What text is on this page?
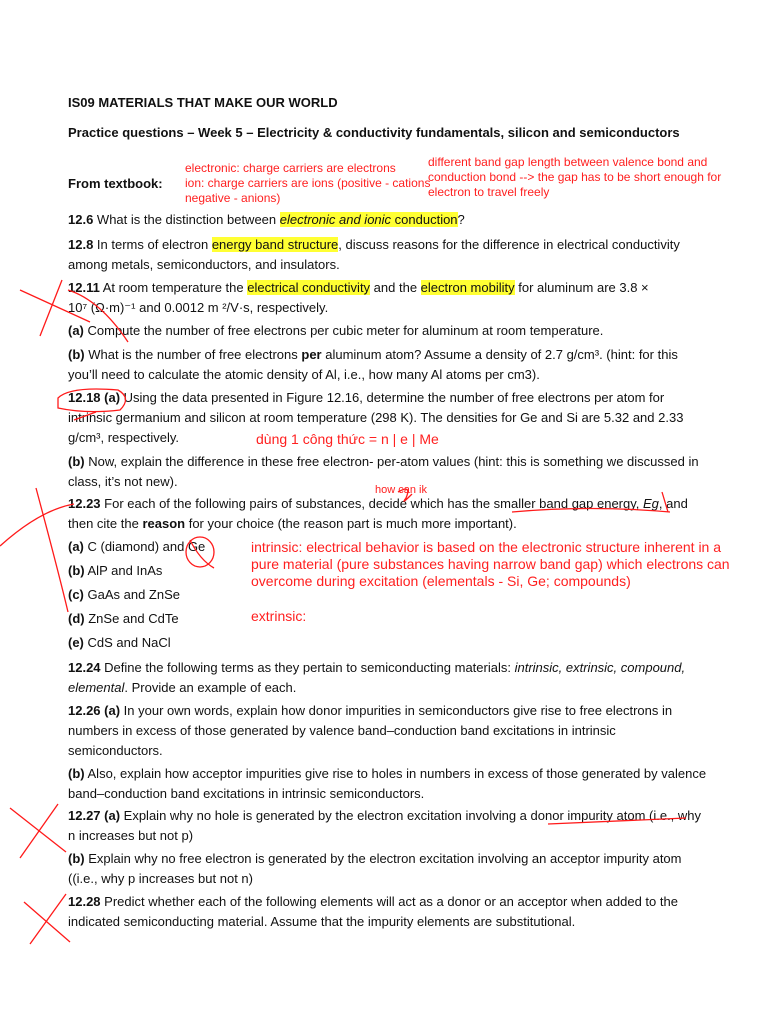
IS09 MATERIALS THAT MAKE OUR WORLD
Practice questions – Week 5 – Electricity & conductivity fundamentals, silicon and semiconductors
From textbook:
12.6 What is the distinction between electronic and ionic conduction?
12.8 In terms of electron energy band structure, discuss reasons for the difference in electrical conductivity among metals, semiconductors, and insulators.
12.11 At room temperature the electrical conductivity and the electron mobility for aluminum are 3.8 ×
10⁷ (Ω·m)⁻¹ and 0.0012 m ²/V·s, respectively.
(a) Compute the number of free electrons per cubic meter for aluminum at room temperature.
(b) What is the number of free electrons per aluminum atom? Assume a density of 2.7 g/cm³. (hint: for this you’ll need to calculate the atomic density of Al, i.e., how many Al atoms per cm3).
12.18 (a) Using the data presented in Figure 12.16, determine the number of free electrons per atom for intrinsic germanium and silicon at room temperature (298 K). The densities for Ge and Si are 5.32 and 2.33 g/cm³, respectively.
(b) Now, explain the difference in these free electron- per-atom values (hint: this is something we discussed in class, it’s not new).
12.23 For each of the following pairs of substances, decide which has the smaller band gap energy, Eg, and then cite the reason for your choice (the reason part is much more important).
(a) C (diamond) and Ge
(b) AlP and InAs
(c) GaAs and ZnSe
(d) ZnSe and CdTe
(e) CdS and NaCl
12.24 Define the following terms as they pertain to semiconducting materials: intrinsic, extrinsic, compound, elemental. Provide an example of each.
12.26 (a) In your own words, explain how donor impurities in semiconductors give rise to free electrons in numbers in excess of those generated by valence band–conduction band excitations in intrinsic semiconductors.
(b) Also, explain how acceptor impurities give rise to holes in numbers in excess of those generated by valence band–conduction band excitations in intrinsic semiconductors.
12.27 (a) Explain why no hole is generated by the electron excitation involving a donor impurity atom (i.e., why n increases but not p)
(b) Explain why no free electron is generated by the electron excitation involving an acceptor impurity atom ((i.e., why p increases but not n)
12.28 Predict whether each of the following elements will act as a donor or an acceptor when added to the indicated semiconducting material. Assume that the impurity elements are substitutional.
electronic: charge carriers are electrons
ion: charge carriers are ions (positive - cations
negative - anions)
different band gap length between valence bond and
conduction bond --> the gap has to be short enough for
electron to travel freely
dùng 1 công thức = n | e | Me
how can ik
intrinsic: electrical behavior is based on the electronic structure inherent in a
pure material (pure substances having narrow band gap) which electrons can
overcome during excitation (elementals - Si, Ge; compounds)
extrinsic:
